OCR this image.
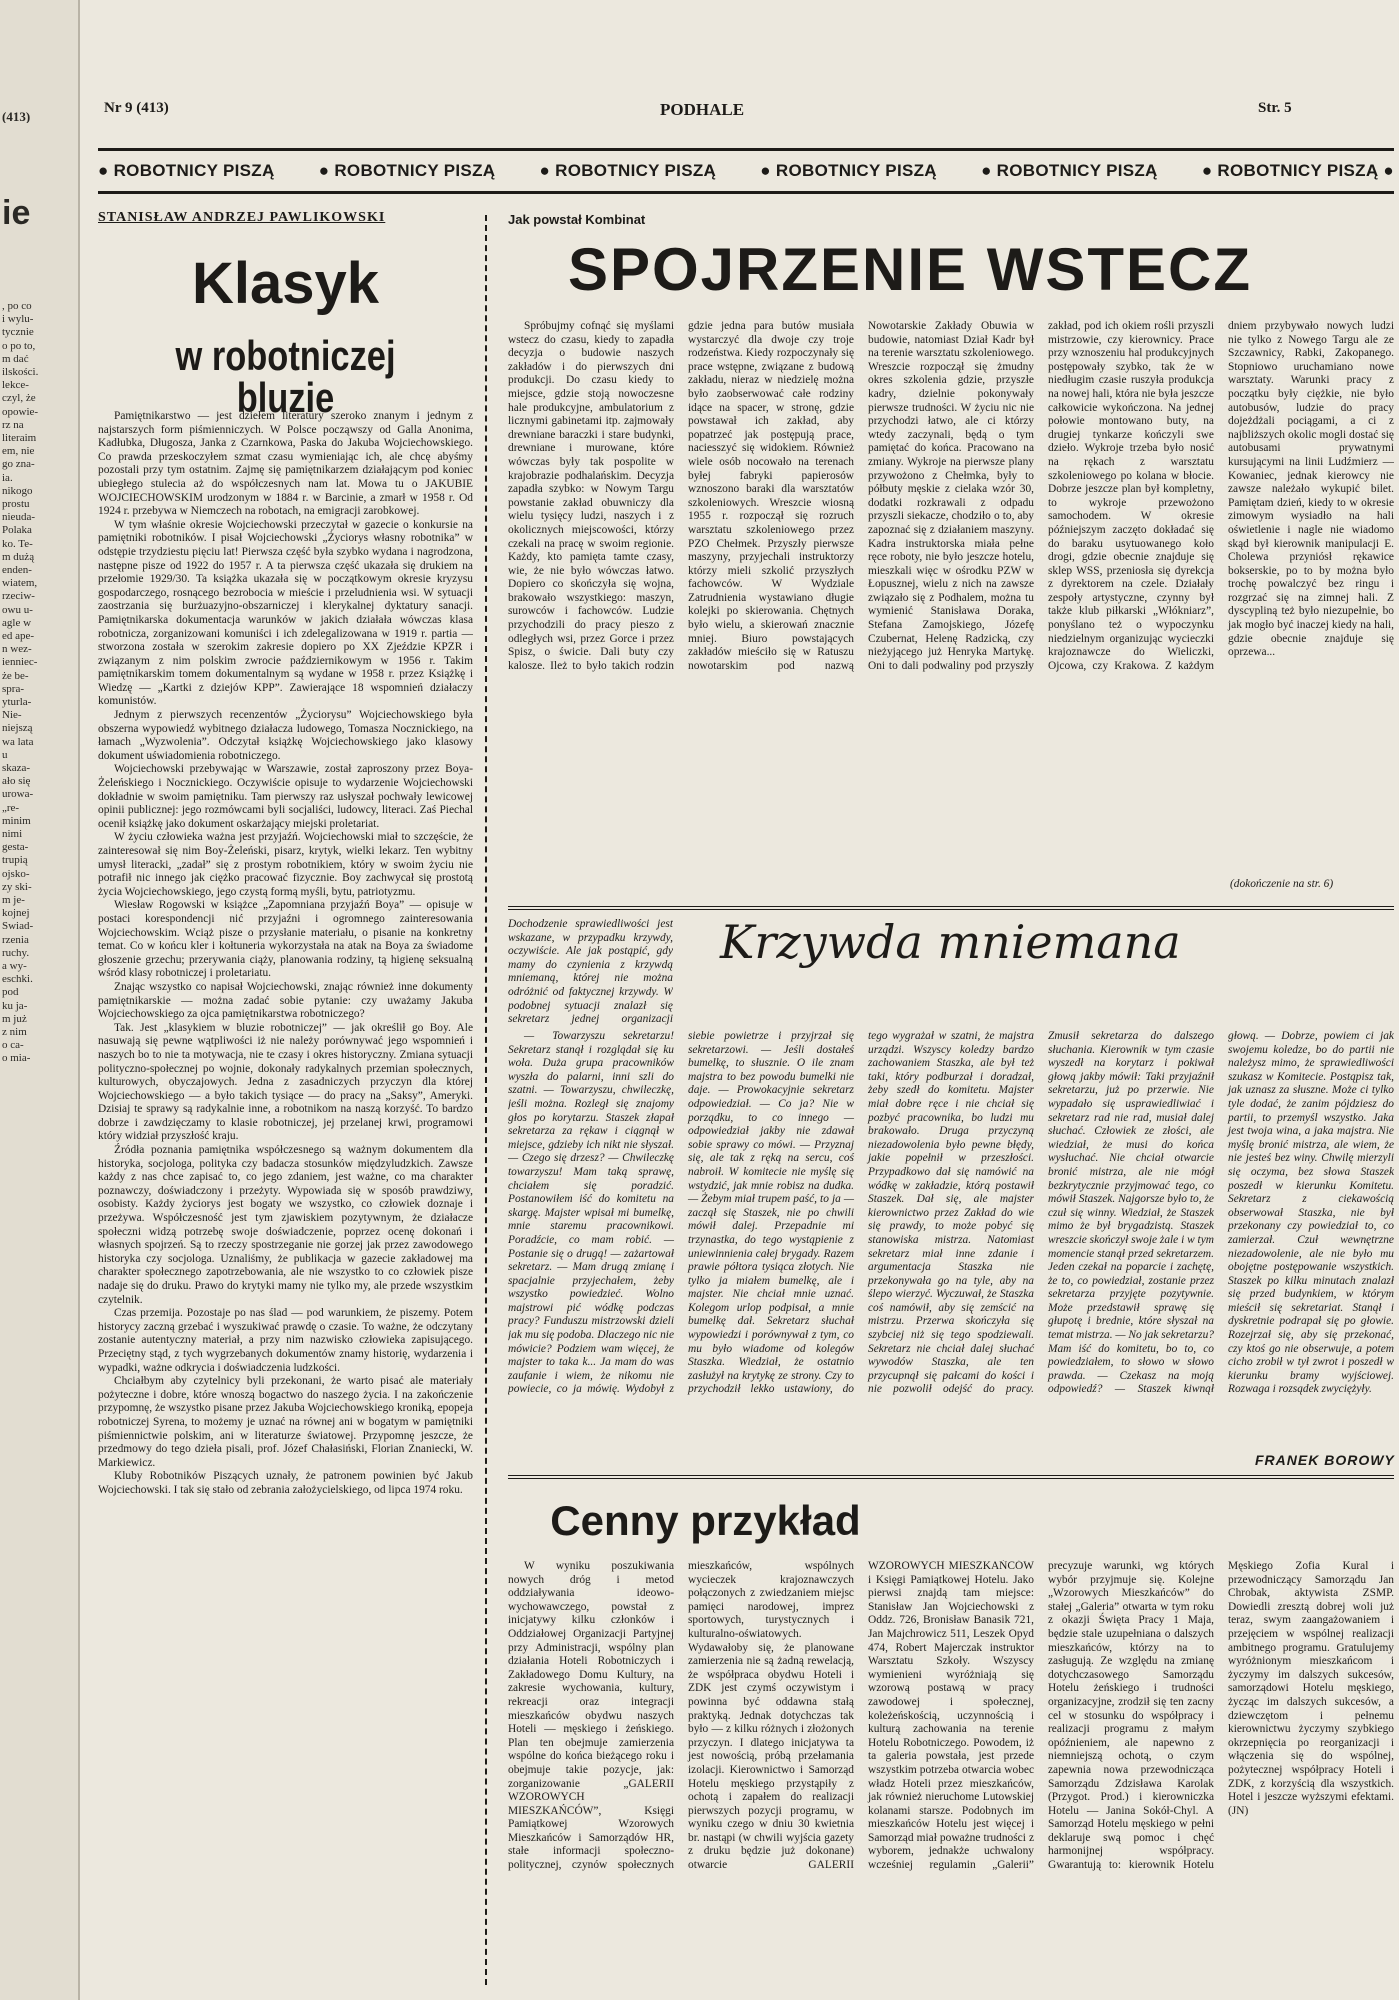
(413)
ie
, po co
i wylu-
tycznie
o po to,
m dać
ilskości.
lekce-
czyl, że
opowie-
rz na
literaim
em, nie
go zna-
ia.
nikogo
prostu
nieuda-
Polaka
ko. Te-
m dużą
enden-
wiatem,
rzeciw-
owu u-
agle w
ed ape-
n wez-
ienniec-
że be-
spra-
yturla-
Nie-
niejszą
wa lata
u
skaza-
ało się
urowa-
„re-
minim
nimi
gesta-
trupią
ojsko-
zy ski-
m je-
kojnej
Swiad-
rzenia
ruchy.
a wy-
eschki.
pod
ku ja-
m już
z nim
o ca-
o mia-
Nr 9 (413)	PODHALE	Str. 5
● ROBOTNICY PISZĄ	● ROBOTNICY PISZĄ	● ROBOTNICY PISZĄ	● ROBOTNICY PISZĄ	● ROBOTNICY PISZĄ	● ROBOTNICY PISZĄ ●
STANISŁAW ANDRZEJ PAWLIKOWSKI
Klasyk
w robotniczej bluzie

Pamiętnikarstwo — jest dziełem literatury szeroko znanym i jednym z najstarszych form piśmienniczych. W Polsce począwszy od Galla Anonima, Kadłubka, Długosza, Janka z Czarnkowa, Paska do Jakuba Wojciechowskiego. Co prawda przeskoczyłem szmat czasu wymieniając ich, ale chcę abyśmy pozostali przy tym ostatnim. Zajmę się pamiętnikarzem działającym pod koniec ubiegłego stulecia aż do współczesnych nam lat. Mowa tu o JAKUBIE WOJCIECHOWSKIM urodzonym w 1884 r. w Barcinie, a zmarł w 1958 r. Od 1924 r. przebywa w Niemczech na robotach, na emigracji zarobkowej.

W tym właśnie okresie Wojciechowski przeczytał w gazecie o konkursie na pamiętniki robotników. I pisał Wojciechowski „Życiorys własny robotnika” w odstępie trzydziestu pięciu lat! Pierwsza część była szybko wydana i nagrodzona, następne pisze od 1922 do 1957 r. A ta pierwsza część ukazała się drukiem na przełomie 1929/30. Ta książka ukazała się w początkowym okresie kryzysu gospodarczego, rosnącego bezrobocia w mieście i przeludnienia wsi. W sytuacji zaostrzania się burżuazyjno-obszarniczej i klerykalnej dyktatury sanacji. Pamiętnikarska dokumentacja warunków w jakich działała wówczas klasa robotnicza, zorganizowani komuniści i ich zdelegalizowana w 1919 r. partia — stworzona została w szerokim zakresie dopiero po XX Zjeździe KPZR i związanym z nim polskim zwrocie październikowym w 1956 r. Takim pamiętnikarskim tomem dokumentalnym są wydane w 1958 r. przez Książkę i Wiedzę — „Kartki z dziejów KPP”. Zawierające 18 wspomnień działaczy komunistów.

Jednym z pierwszych recenzentów „Życiorysu” Wojciechowskiego była obszerna wypowiedź wybitnego działacza ludowego, Tomasza Nocznickiego, na łamach „Wyzwolenia”. Odczytał książkę Wojciechowskiego jako klasowy dokument uświadomienia robotniczego.

Wojciechowski przebywając w Warszawie, został zaproszony przez Boya-Żeleńskiego i Nocznickiego. Oczywiście opisuje to wydarzenie Wojciechowski dokładnie w swoim pamiętniku. Tam pierwszy raz usłyszał pochwały lewicowej opinii publicznej: jego rozmówcami byli socjaliści, ludowcy, literaci. Zaś Piechal ocenił książkę jako dokument oskarżający miejski proletariat.

W życiu człowieka ważna jest przyjaźń. Wojciechowski miał to szczęście, że zainteresował się nim Boy-Żeleński, pisarz, krytyk, wielki lekarz. Ten wybitny umysł literacki, „zadał” się z prostym robotnikiem, który w swoim życiu nie potrafił nic innego jak ciężko pracować fizycznie. Boy zachwycał się prostotą życia Wojciechowskiego, jego czystą formą myśli, bytu, patriotyzmu.

Wiesław Rogowski w książce „Zapomniana przyjaźń Boya” — opisuje w postaci korespondencji nić przyjaźni i ogromnego zainteresowania Wojciechowskim. Wciąż pisze o przysłanie materiału, o pisanie na konkretny temat. Co w końcu kler i kołtuneria wykorzystała na atak na Boya za świadome głoszenie grzechu; przerywania ciąży, planowania rodziny, tą higienę seksualną wśród klasy robotniczej i proletariatu.

Znając wszystko co napisał Wojciechowski, znając również inne dokumenty pamiętnikarskie — można zadać sobie pytanie: czy uważamy Jakuba Wojciechowskiego za ojca pamiętnikarstwa robotniczego?

Tak. Jest „klasykiem w bluzie robotniczej” — jak określił go Boy. Ale nasuwają się pewne wątpliwości iż nie należy porównywać jego wspomnień i naszych bo to nie ta motywacja, nie te czasy i okres historyczny. Zmiana sytuacji polityczno-społecznej po wojnie, dokonały radykalnych przemian społecznych, kulturowych, obyczajowych. Jedna z zasadniczych przyczyn dla której Wojciechowskiego — a było takich tysiące — do pracy na „Saksy”, Ameryki. Dzisiaj te sprawy są radykalnie inne, a robotnikom na naszą korzyść. To bardzo dobrze i zawdzięczamy to klasie robotniczej, jej przelanej krwi, programowi który widział przyszłość kraju.

Źródła poznania pamiętnika współczesnego są ważnym dokumentem dla historyka, socjologa, polityka czy badacza stosunków międzyludzkich. Zawsze każdy z nas chce zapisać to, co jego zdaniem, jest ważne, co ma charakter poznawczy, doświadczony i przeżyty. Wypowiada się w sposób prawdziwy, osobisty. Każdy życiorys jest bogaty we wszystko, co człowiek doznaje i przeżywa. Współczesność jest tym zjawiskiem pozytywnym, że działacze społeczni widzą potrzebę swoje doświadczenie, poprzez ocenę dokonań i własnych spojrzeń. Są to rzeczy spostrzeganie nie gorzej jak przez zawodowego historyka czy socjologa. Uznaliśmy, że publikacja w gazecie zakładowej ma charakter społecznego zapotrzebowania, ale nie wszystko to co człowiek pisze nadaje się do druku. Prawo do krytyki mamy nie tylko my, ale przede wszystkim czytelnik.

Czas przemija. Pozostaje po nas ślad — pod warunkiem, że piszemy. Potem historycy zaczną grzebać i wyszukiwać prawdę o czasie. To ważne, że odczytany zostanie autentyczny materiał, a przy nim nazwisko człowieka zapisującego. Przeciętny stąd, z tych wygrzebanych dokumentów znamy historię, wydarzenia i wypadki, ważne odkrycia i doświadczenia ludzkości.

Chciałbym aby czytelnicy byli przekonani, że warto pisać ale materiały pożyteczne i dobre, które wnoszą bogactwo do naszego życia. I na zakończenie przypomnę, że wszystko pisane przez Jakuba Wojciechowskiego kroniką, epopeja robotniczej Syrena, to możemy je uznać na równej ani w bogatym w pamiętniki piśmiennictwie polskim, ani w literaturze światowej. Przypomnę jeszcze, że przedmowy do tego dzieła pisali, prof. Józef Chałasiński, Florian Znaniecki, W. Markiewicz.

Kluby Robotników Piszących uznały, że patronem powinien być Jakub Wojciechowski. I tak się stało od zebrania założycielskiego, od lipca 1974 roku.

Jak powstał Kombinat
SPOJRZENIE WSTECZ

Spróbujmy cofnąć się myślami wstecz do czasu, kiedy to zapadła decyzja o budowie naszych zakładów i do pierwszych dni produkcji. Do czasu kiedy to miejsce, gdzie stoją nowoczesne hale produkcyjne, ambulatorium z licznymi gabinetami itp. zajmowały drewniane baraczki i stare budynki, drewniane i murowane, które wówczas były tak pospolite w krajobrazie podhalańskim. Decyzja zapadła szybko: w Nowym Targu powstanie zakład obuwniczy dla wielu tysięcy ludzi, naszych i z okolicznych miejscowości, którzy czekali na pracę w swoim regionie. Każdy, kto pamięta tamte czasy, wie, że nie było wówczas łatwo. Dopiero co skończyła się wojna, brakowało wszystkiego: maszyn, surowców i fachowców. Ludzie przychodzili do pracy pieszo z odległych wsi, przez Gorce i przez Spisz, o świcie. Dali buty czy kalosze. Ileż to było takich rodzin gdzie jedna para butów musiała wystarczyć dla dwoje czy troje rodzeństwa. Kiedy rozpoczynały się prace wstępne, związane z budową zakładu, nieraz w niedzielę można było zaobserwować całe rodziny idące na spacer, w stronę, gdzie powstawał ich zakład, aby popatrzeć jak postępują prace, naciesszyć się widokiem. Również wiele osób nocowało na terenach byłej fabryki papierosów wznoszono baraki dla warsztatów szkoleniowych. Wreszcie wiosną 1955 r. rozpoczął się rozruch warsztatu szkoleniowego przez PZO Chełmek. Przyszły pierwsze maszyny, przyjechali instruktorzy którzy mieli szkolić przyszłych fachowców. W Wydziale Zatrudnienia wystawiano długie kolejki po skierowania. Chętnych było wielu, a skierowań znacznie mniej. Biuro powstających zakładów mieściło się w Ratuszu nowotarskim pod nazwą Nowotarskie Zakłady Obuwia w budowie, natomiast Dział Kadr był na terenie warsztatu szkoleniowego. Wreszcie rozpoczął się żmudny okres szkolenia gdzie, przyszłe kadry, dzielnie pokonywały pierwsze trudności. W życiu nic nie przychodzi łatwo, ale ci którzy wtedy zaczynali, będą o tym pamiętać do końca. Pracowano na zmiany. Wykroje na pierwsze plany przywożono z Chełmka, były to półbuty męskie z cielaka wzór 30, dodatki rozkrawali z odpadu przyszli siekacze, chodziło o to, aby zapoznać się z działaniem maszyny. Kadra instruktorska miała pełne ręce roboty, nie było jeszcze hotelu, mieszkali więc w ośrodku PZW w Łopusznej, wielu z nich na zawsze związało się z Podhalem, można tu wymienić Stanisława Doraka, Stefana Zamojskiego, Józefę Czubernat, Helenę Radzicką, czy nieżyjącego już Henryka Martykę. Oni to dali podwaliny pod przyszły zakład, pod ich okiem rośli przyszli mistrzowie, czy kierownicy. Prace przy wznoszeniu hal produkcyjnych postępowały szybko, tak że w niedługim czasie ruszyła produkcja na nowej hali, która nie była jeszcze całkowicie wykończona. Na jednej połowie montowano buty, na drugiej tynkarze kończyli swe dzieło. Wykroje trzeba było nosić na rękach z warsztatu szkoleniowego po kolana w błocie. Dobrze jeszcze plan był kompletny, to wykroje przewożono samochodem. W okresie późniejszym zaczęto dokładać się do baraku usytuowanego koło drogi, gdzie obecnie znajduje się sklep WSS, przeniosła się dyrekcja z dyrektorem na czele. Działały zespoły artystyczne, czynny był także klub piłkarski „Włókniarz”, ponyślano też o wypoczynku niedzielnym organizując wycieczki krajoznawcze do Wieliczki, Ojcowa, czy Krakowa. Z każdym dniem przybywało nowych ludzi nie tylko z Nowego Targu ale ze Szczawnicy, Rabki, Zakopanego. Stopniowo uruchamiano nowe warsztaty. Warunki pracy z początku były ciężkie, nie było autobusów, ludzie do pracy dojeżdżali pociągami, a ci z najbliższych okolic mogli dostać się autobusami prywatnymi kursującymi na linii Ludźmierz — Kowaniec, jednak kierowcy nie zawsze należało wykupić bilet. Pamiętam dzień, kiedy to w okresie zimowym wysiadło na hali oświetlenie i nagle nie wiadomo skąd był kierownik manipulacji E. Cholewa przyniósł rękawice bokserskie, po to by można było trochę powalczyć bez ringu i rozgrzać się na zimnej hali. Z dyscypliną też było niezupełnie, bo jak mogło być inaczej kiedy na hali, gdzie obecnie znajduje się oprzewa...

(dokończenie na str. 6)
Dochodzenie sprawiedliwości jest wskazane, w przypadku krzywdy, oczywiście. Ale jak postąpić, gdy mamy do czynienia z krzywdą mniemaną, której nie można odróżnić od faktycznej krzywdy. W podobnej sytuacji znalazł się sekretarz jednej organizacji
Krzywda mniemana

— Towarzyszu sekretarzu! Sekretarz stanął i rozglądał się ku woła. Duża grupa pracowników wyszła do palarni, inni szli do szatni. — Towarzyszu, chwileczkę, jeśli można. Rozległ się znajomy głos po korytarzu. Staszek złapał sekretarza za rękaw i ciągnął w miejsce, gdzieby ich nikt nie słyszał. — Czego się drzesz? — Chwileczkę towarzyszu! Mam taką sprawę, chciałem się poradzić. Postanowiłem iść do komitetu na skargę. Majster wpisał mi bumelkę, mnie staremu pracownikowi. Poradźcie, co mam robić. — Postanie się o drugą! — zażartował sekretarz. — Mam drugą zmianę i spacjalnie przyjechałem, żeby wszystko powiedzieć. Wolno majstrowi pić wódkę podczas pracy? Funduszu mistrzowski dzieli jak mu się podoba. Dlaczego nic nie mówicie? Podziem wam więcej, że majster to taka k... Ja mam do was zaufanie i wiem, że nikomu nie powiecie, co ja mówię. Wydobył z siebie powietrze i przyjrzał się sekretarzowi. — Jeśli dostałeś bumelkę, to słusznie. O ile znam majstra to bez powodu bumelki nie daje. — Prowokacyjnie sekretarz odpowiedział. — Co ja? Nie w porządku, to co innego — odpowiedział jakby nie zdawał sobie sprawy co mówi. — Przyznaj się, ale tak z ręką na sercu, coś nabroił. W komitecie nie myślę się wstydzić, jak mnie robisz na dudka. — Żebym miał trupem paść, to ja — zaczął się Staszek, nie po chwili mówił dalej. Przepadnie mi trzynastka, do tego wystąpienie z uniewinnienia całej brygady. Razem prawie półtora tysiąca złotych. Nie tylko ja miałem bumelkę, ale i majster. Nie chciał mnie uznać. Kolegom urlop podpisał, a mnie bumelkę dał. Sekretarz słuchał wypowiedzi i porównywał z tym, co mu było wiadome od kolegów Staszka. Wiedział, że ostatnio zasłużył na krytykę ze strony. Czy to przychodził lekko ustawiony, do tego wygrażał w szatni, że majstra urządzi. Wszyscy koledzy bardzo zachowaniem Staszka, ale był też taki, który podburzał i doradzał, żeby szedł do komitetu. Majster miał dobre ręce i nie chciał się pozbyć pracownika, bo ludzi mu brakowało. Druga przyczyną niezadowolenia było pewne błędy, jakie popełnił w przeszłości. Przypadkowo dał się namówić na wódkę w zakładzie, którą postawił Staszek. Dał się, ale majster kierownictwo przez Zakład do wie się prawdy, to może pobyć się stanowiska mistrza. Natomiast sekretarz miał inne zdanie i argumentacja Staszka nie przekonywała go na tyle, aby na ślepo wierzyć. Wyczuwał, że Staszka coś namówił, aby się zemścić na mistrzu. Przerwa skończyła się szybciej niż się tego spodziewali. Sekretarz nie chciał dalej słuchać wywodów Staszka, ale ten przycupnął się pałcami do kości i nie pozwolił odejść do pracy. Zmusił sekretarza do dalszego słuchania. Kierownik w tym czasie wyszedł na korytarz i pokiwał głową jakby mówił: Taki przyjaźnił sekretarzu, już po przerwie. Nie wypadało się usprawiedliwiać i sekretarz rad nie rad, musiał dalej słuchać. Człowiek ze złości, ale wiedział, że musi do końca wysłuchać. Nie chciał otwarcie bronić mistrza, ale nie mógł bezkrytycznie przyjmować tego, co mówił Staszek. Najgorsze było to, że czuł się winny. Wiedział, że Staszek mimo że był brygadzistą. Staszek wreszcie skończył swoje żale i w tym momencie stanął przed sekretarzem. Jeden czekał na poparcie i zachętę, że to, co powiedział, zostanie przez sekretarza przyjęte pozytywnie. Może przedstawił sprawę się głupotę i brednie, które słyszał na temat mistrza. — No jak sekretarzu? Mam iść do komitetu, bo to, co powiedziałem, to słowo w słowo prawda. — Czekasz na moją odpowiedź? — Staszek kiwnął głową. — Dobrze, powiem ci jak swojemu koledze, bo do partii nie należysz mimo, że sprawiedliwości szukasz w Komitecie. Postąpisz tak, jak uznasz za słuszne. Może ci tylko tyle dodać, że zanim pójdziesz do partii, to przemyśl wszystko. Jaka jest twoja wina, a jaka majstra. Nie myślę bronić mistrza, ale wiem, że nie jesteś bez winy. Chwilę mierzyli się oczyma, bez słowa Staszek poszedł w kierunku Komitetu. Sekretarz z ciekawością obserwował Staszka, nie był przekonany czy powiedział to, co zamierzał. Czuł wewnętrzne niezadowolenie, ale nie było mu obojętne postępowanie wszystkich. Staszek po kilku minutach znalazł się przed budynkiem, w którym mieścił się sekretariat. Stanął i dyskretnie podrapał się po głowie. Rozejrzał się, aby się przekonać, czy ktoś go nie obserwuje, a potem cicho zrobił w tył zwrot i poszedł w kierunku bramy wyjściowej. Rozwaga i rozsądek zwyciężyły.

FRANEK BOROWY
Cenny przykład

W wyniku poszukiwania nowych dróg i metod oddziaływania ideowo-wychowawczego, powstał z inicjatywy kilku członków i Oddziałowej Organizacji Partyjnej przy Administracji, wspólny plan działania Hoteli Robotniczych i Zakładowego Domu Kultury, na zakresie wychowania, kultury, rekreacji oraz integracji mieszkańców obydwu naszych Hoteli — męskiego i żeńskiego. Plan ten obejmuje zamierzenia wspólne do końca bieżącego roku i obejmuje takie pozycje, jak: zorganizowanie „GALERII WZOROWYCH MIESZKAŃCÓW”, Księgi Pamiątkowej Wzorowych Mieszkańców i Samorządów HR, stałe informacji społeczno-politycznej, czynów społecznych mieszkańców, wspólnych wycieczek krajoznawczych połączonych z zwiedzaniem miejsc pamięci narodowej, imprez sportowych, turystycznych i kulturalno-oświatowych. Wydawałoby się, że planowane zamierzenia nie są żadną rewelacją, że współpraca obydwu Hoteli i ZDK jest czymś oczywistym i powinna być oddawna stałą praktyką. Jednak dotychczas tak było — z kilku różnych i złożonych przyczyn. I dlatego inicjatywa ta jest nowością, próbą przełamania izolacji. Kierownictwo i Samorząd Hotelu męskiego przystąpiły z ochotą i zapałem do realizacji pierwszych pozycji programu, w wyniku czego w dniu 30 kwietnia br. nastąpi (w chwili wyjścia gazety z druku będzie już dokonane) otwarcie GALERII WZOROWYCH MIESZKAŃCÓW i Księgi Pamiątkowej Hotelu. Jako pierwsi znajdą tam miejsce: Stanisław Jan Wojciechowski z Oddz. 726, Bronisław Banasik 721, Jan Majchrowicz 511, Leszek Opyd 474, Robert Majerczak instruktor Warsztatu Szkoły. Wszyscy wymienieni wyróżniają się wzorową postawą w pracy zawodowej i społecznej, koleżeńskością, uczynnością i kulturą zachowania na terenie Hotelu Robotniczego. Powodem, iż ta galeria powstała, jest przede wszystkim potrzeba otwarcia wobec władz Hoteli przez mieszkańców, jak również nieruchome Lutowskiej kolanami starsze. Podobnych im mieszkańców Hotelu jest więcej i Samorząd miał poważne trudności z wyborem, jednakże uchwalony wcześniej regulamin „Galerii” precyzuje warunki, wg których wybór przyjmuje się. Kolejne „Wzorowych Mieszkańców” do stałej „Galeria” otwarta w tym roku z okazji Święta Pracy 1 Maja, będzie stale uzupełniana o dalszych mieszkańców, którzy na to zasługują. Ze względu na zmianę dotychczasowego Samorządu Hotelu żeńskiego i trudności organizacyjne, zrodził się ten zacny cel w stosunku do współpracy i realizacji programu z małym opóźnieniem, ale napewno z niemniejszą ochotą, o czym zapewnia nowa przewodnicząca Samorządu Zdzisława Karolak (Przygot. Prod.) i kierowniczka Hotelu — Janina Sokół-Chyl. A Samorząd Hotelu męskiego w pełni deklaruje swą pomoc i chęć harmonijnej współpracy. Gwarantują to: kierownik Hotelu Męskiego Zofia Kural i przewodniczący Samorządu Jan Chrobak, aktywista ZSMP. Dowiedli zresztą dobrej woli już teraz, swym zaangażowaniem i przejęciem w wspólnej realizacji ambitnego programu. Gratulujemy wyróżnionym mieszkańcom i życzymy im dalszych sukcesów, samorządowi Hotelu męskiego, życząc im dalszych sukcesów, a dziewczętom i pełnemu kierownictwu życzymy szybkiego okrzepnięcia po reorganizacji i włączenia się do wspólnej, pożytecznej współpracy Hoteli i ZDK, z korzyścią dla wszystkich. Hotel i jeszcze wyższymi efektami. (JN)
